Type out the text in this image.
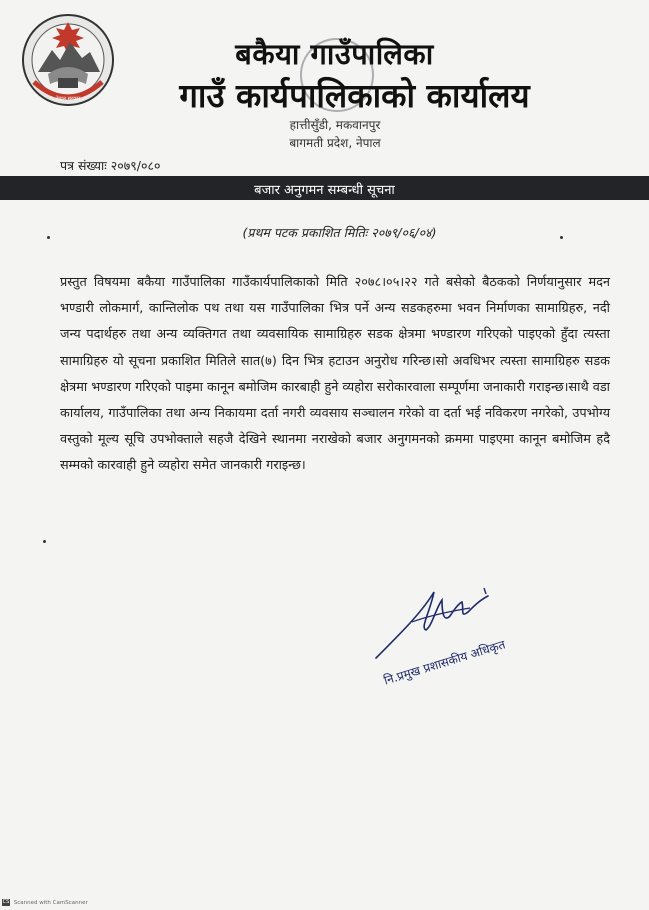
नेपाल सरकार
बकैया गाउँपालिका
गाउँ कार्यपालिकाको कार्यालय
हात्तीसुँडी, मकवानपुर
बागमती प्रदेश, नेपाल
पत्र संख्याः २०७९/०८०
बजार अनुगमन सम्बन्धी सूचना
(प्रथम पटक प्रकाशित मितिः २०७९/०६/०४)

प्रस्तुत विषयमा बकैया गाउँपालिका गाउँकार्यपालिकाको मिति २०७८।०५।२२ गते बसेको बैठकको निर्णयानुसार मदन भण्डारी लोकमार्ग, कान्तिलोक पथ तथा यस गाउँपालिका भित्र पर्ने अन्य सडकहरुमा भवन निर्माणका सामाग्रिहरु, नदी जन्य पदार्थहरु तथा अन्य व्यक्तिगत तथा व्यवसायिक सामाग्रिहरु सडक क्षेत्रमा भण्डारण गरिएको पाइएको हुँदा त्यस्ता सामाग्रिहरु यो सूचना प्रकाशित मितिले सात(७) दिन भित्र हटाउन अनुरोध गरिन्छ।सो अवधिभर त्यस्ता सामाग्रिहरु सडक क्षेत्रमा भण्डारण गरिएको पाइमा कानून बमोजिम कारबाही हुने व्यहोरा सरोकारवाला सम्पूर्णमा जनाकारी गराइन्छ।साथै वडा कार्यालय, गाउँपालिका तथा अन्य निकायमा दर्ता नगरी व्यवसाय सञ्चालन गरेको वा दर्ता भई नविकरण नगरेको, उपभोग्य वस्तुको मूल्य सूचि उपभोक्ताले सहजै देखिने स्थानमा नराखेको बजार अनुगमनको क्रममा पाइएमा कानून बमोजिम हदै सम्मको कारवाही हुने व्यहोरा समेत जानकारी गराइन्छ।

नि.प्रमुख प्रशासकीय अधिकृत
CS Scanned with CamScanner
